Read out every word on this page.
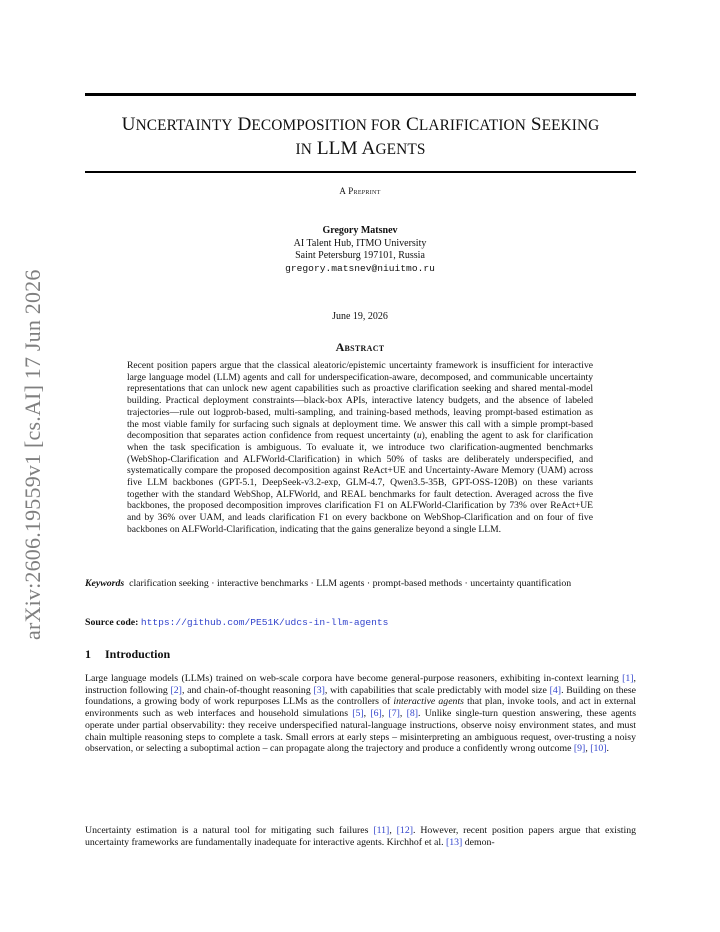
arXiv:2606.19559v1 [cs.AI] 17 Jun 2026
UNCERTAINTY DECOMPOSITION FOR CLARIFICATION SEEKING
IN LLM AGENTS
A Preprint
Gregory Matsnev
AI Talent Hub, ITMO University
Saint Petersburg 197101, Russia
gregory.matsnev@niuitmo.ru
June 19, 2026
Abstract

Recent position papers argue that the classical aleatoric/epistemic uncertainty framework is insufficient for interactive large language model (LLM) agents and call for underspecification-aware, decomposed, and communicable uncertainty representations that can unlock new agent capabilities such as proactive clarification seeking and shared mental-model building. Practical deployment constraints—black-box APIs, interactive latency budgets, and the absence of labeled trajectories—rule out logprob-based, multi-sampling, and training-based methods, leaving prompt-based estimation as the most viable family for surfacing such signals at deployment time. We answer this call with a simple prompt-based decomposition that separates action confidence from request uncertainty (u), enabling the agent to ask for clarification when the task specification is ambiguous. To evaluate it, we introduce two clarification-augmented benchmarks (WebShop-Clarification and ALFWorld-Clarification) in which 50% of tasks are deliberately underspecified, and systematically compare the proposed decomposition against ReAct+UE and Uncertainty-Aware Memory (UAM) across five LLM backbones (GPT-5.1, DeepSeek-v3.2-exp, GLM-4.7, Qwen3.5-35B, GPT-OSS-120B) on these variants together with the standard WebShop, ALFWorld, and REAL benchmarks for fault detection. Averaged across the five backbones, the proposed decomposition improves clarification F1 on ALFWorld-Clarification by 73% over ReAct+UE and by 36% over UAM, and leads clarification F1 on every backbone on WebShop-Clarification and on four of five backbones on ALFWorld-Clarification, indicating that the gains generalize beyond a single LLM.

Keywords clarification seeking · interactive benchmarks · LLM agents · prompt-based methods · uncertainty quantification

Source code: https://github.com/PE51K/udcs-in-llm-agents

1 Introduction

Large language models (LLMs) trained on web-scale corpora have become general-purpose reasoners, exhibiting in-context learning [1], instruction following [2], and chain-of-thought reasoning [3], with capabilities that scale predictably with model size [4]. Building on these foundations, a growing body of work repurposes LLMs as the controllers of interactive agents that plan, invoke tools, and act in external environments such as web interfaces and household simulations [5], [6], [7], [8]. Unlike single-turn question answering, these agents operate under partial observability: they receive underspecified natural-language instructions, observe noisy environment states, and must chain multiple reasoning steps to complete a task. Small errors at early steps – misinterpreting an ambiguous request, over-trusting a noisy observation, or selecting a suboptimal action – can propagate along the trajectory and produce a confidently wrong outcome [9], [10].

Uncertainty estimation is a natural tool for mitigating such failures [11], [12]. However, recent position papers argue that existing uncertainty frameworks are fundamentally inadequate for interactive agents. Kirchhof et al. [13] demon-
